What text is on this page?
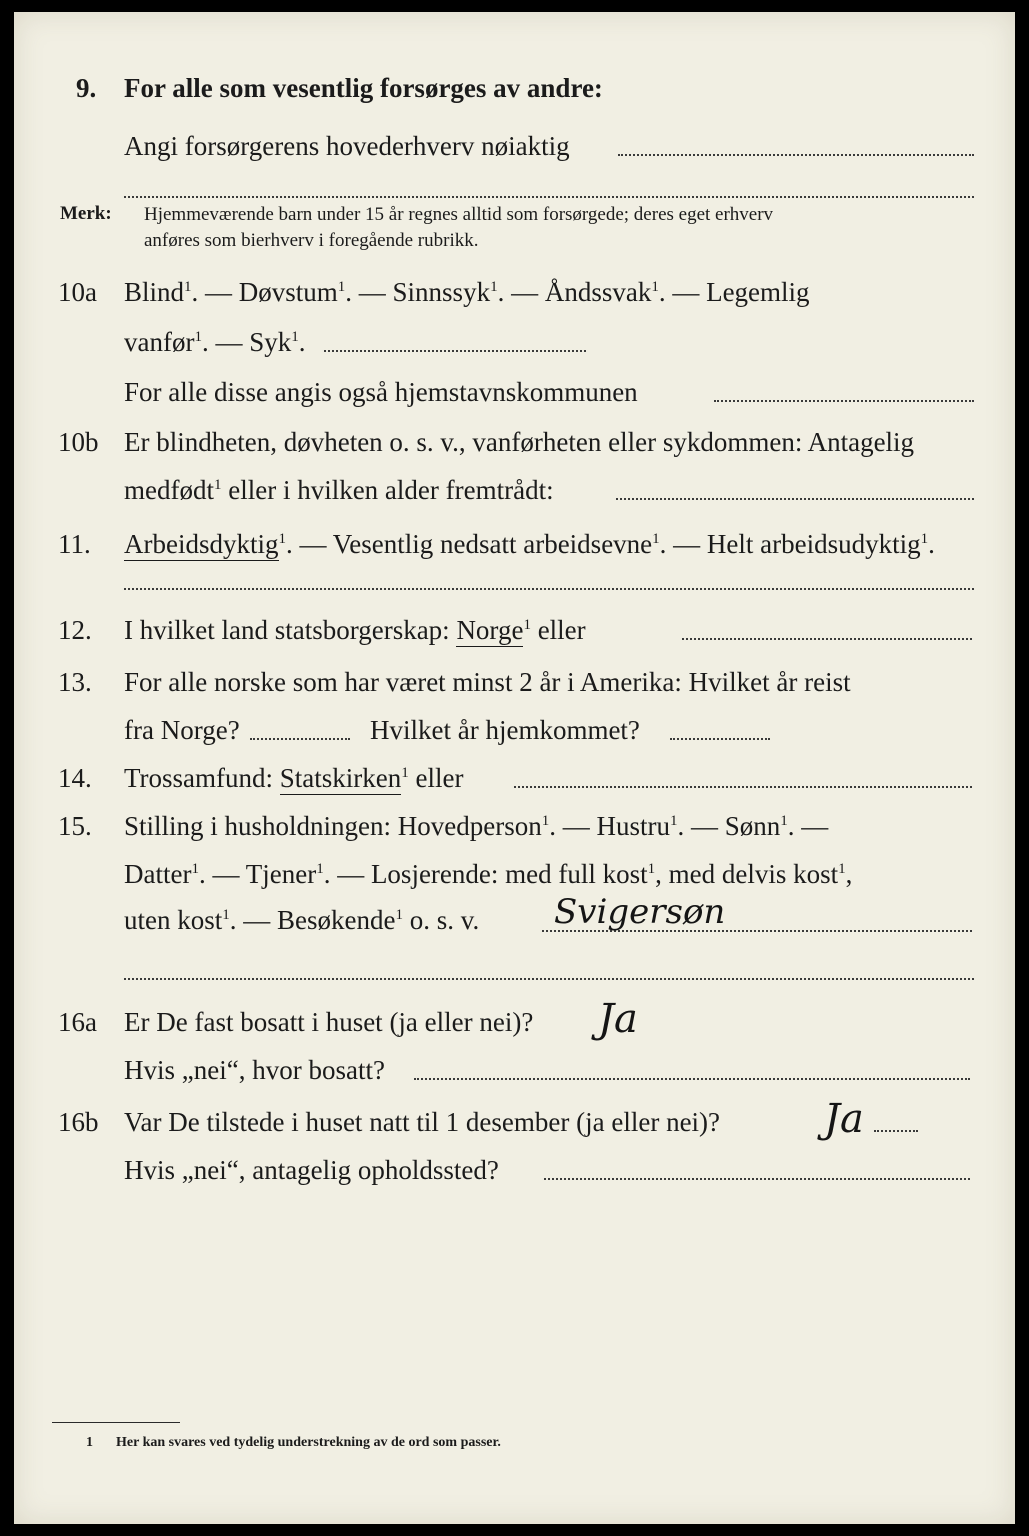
9. For alle som vesentlig forsørges av andre:
Angi forsørgerens hovederhverv nøiaktig
Merk: Hjemmeværende barn under 15 år regnes alltid som forsørgede; deres eget erhverv
anføres som bierhverv i foregående rubrikk.
10a Blind$^1$. — Døvstum$^1$. — Sinnssyk$^1$. — Åndssvak$^1$. — Legemlig
vanfør$^1$. — Syk$^1$.
For alle disse angis også hjemstavnskommunen
10b Er blindheten, døvheten o. s. v., vanførheten eller sykdommen: Antagelig
medfødt$^1$ eller i hvilken alder fremtrådt:
11. Arbeidsdyktig$^1$. — Vesentlig nedsatt arbeidsevne$^1$. — Helt arbeidsudyktig$^1$.
12. I hvilket land statsborgerskap: Norge$^1$ eller
13. For alle norske som har været minst 2 år i Amerika: Hvilket år reist
fra Norge?	Hvilket år hjemkommet?
14. Trossamfund: Statskirken$^1$ eller
15. Stilling i husholdningen: Hovedperson$^1$. — Hustru$^1$. — Sønn$^1$. —
Datter$^1$. — Tjener$^1$. — Losjerende: med full kost$^1$, med delvis kost$^1$,
uten kost$^1$. — Besøkende$^1$ o. s. v. Svigersøn
16a Er De fast bosatt i huset (ja eller nei)? Ja
Hvis „nei“, hvor bosatt?
16b Var De tilstede i huset natt til 1 desember (ja eller nei)?	Ja
Hvis „nei“, antagelig opholdssted?
1 Her kan svares ved tydelig understrekning av de ord som passer.
